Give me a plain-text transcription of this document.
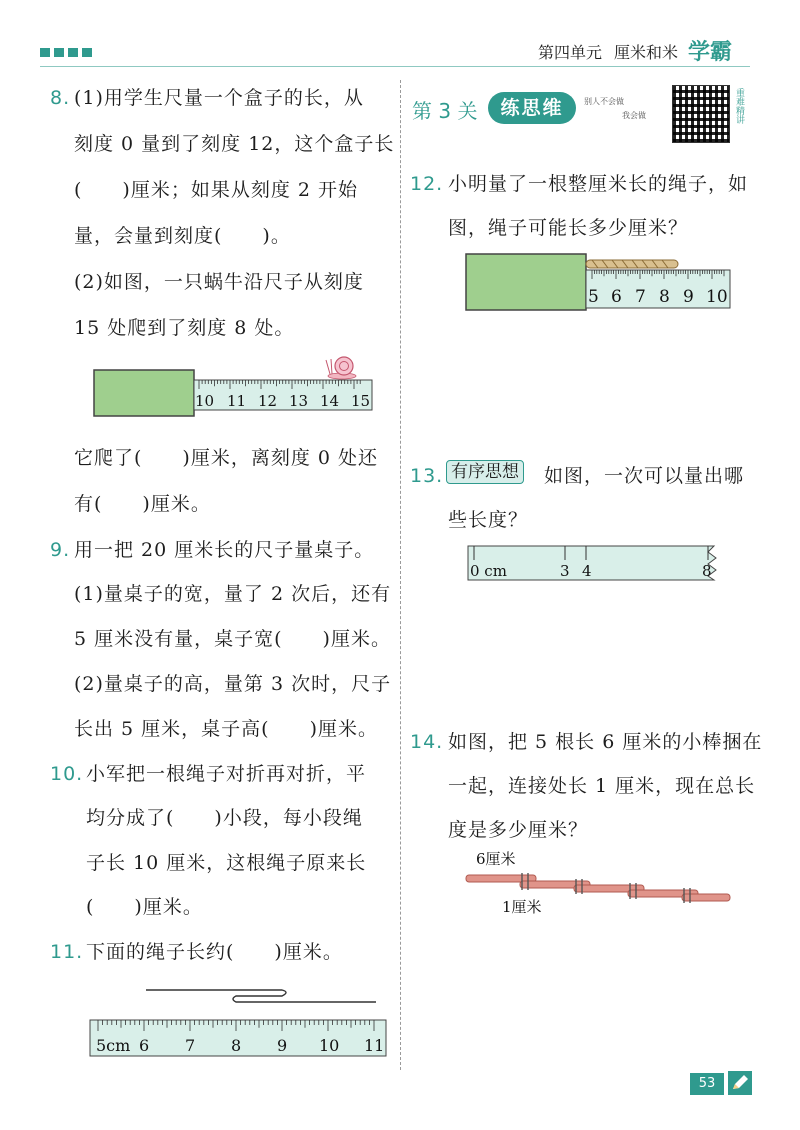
第四单元 厘米和米 学霸
8. (1)用学生尺量一个盒子的长，从
刻度 0 量到了刻度 12，这个盒子长
(　　)厘米；如果从刻度 2 开始
量，会量到刻度(　　)。
(2)如图，一只蜗牛沿尺子从刻度
15 处爬到了刻度 8 处。
10 11 12 13 14 15
它爬了(　　)厘米，离刻度 0 处还
有(　　)厘米。
9. 用一把 20 厘米长的尺子量桌子。
(1)量桌子的宽，量了 2 次后，还有
5 厘米没有量，桌子宽(　　)厘米。
(2)量桌子的高，量第 3 次时，尺子
长出 5 厘米，桌子高(　　)厘米。
10. 小军把一根绳子对折再对折，平
均分成了(　　)小段，每小段绳
子长 10 厘米，这根绳子原来长
(　　)厘米。
11. 下面的绳子长约(　　)厘米。
5cm 6 7 8 9 10 11
第 3 关	练思维	别人不会做
我会做	重难精讲
12. 小明量了一根整厘米长的绳子，如
图，绳子可能长多少厘米？
5 6 7 8 9 10
13. 有序思想 如图，一次可以量出哪
些长度？
0 cm	3 4	8
14. 如图，把 5 根长 6 厘米的小棒捆在
一起，连接处长 1 厘米，现在总长
度是多少厘米？
6厘米
1厘米
53
